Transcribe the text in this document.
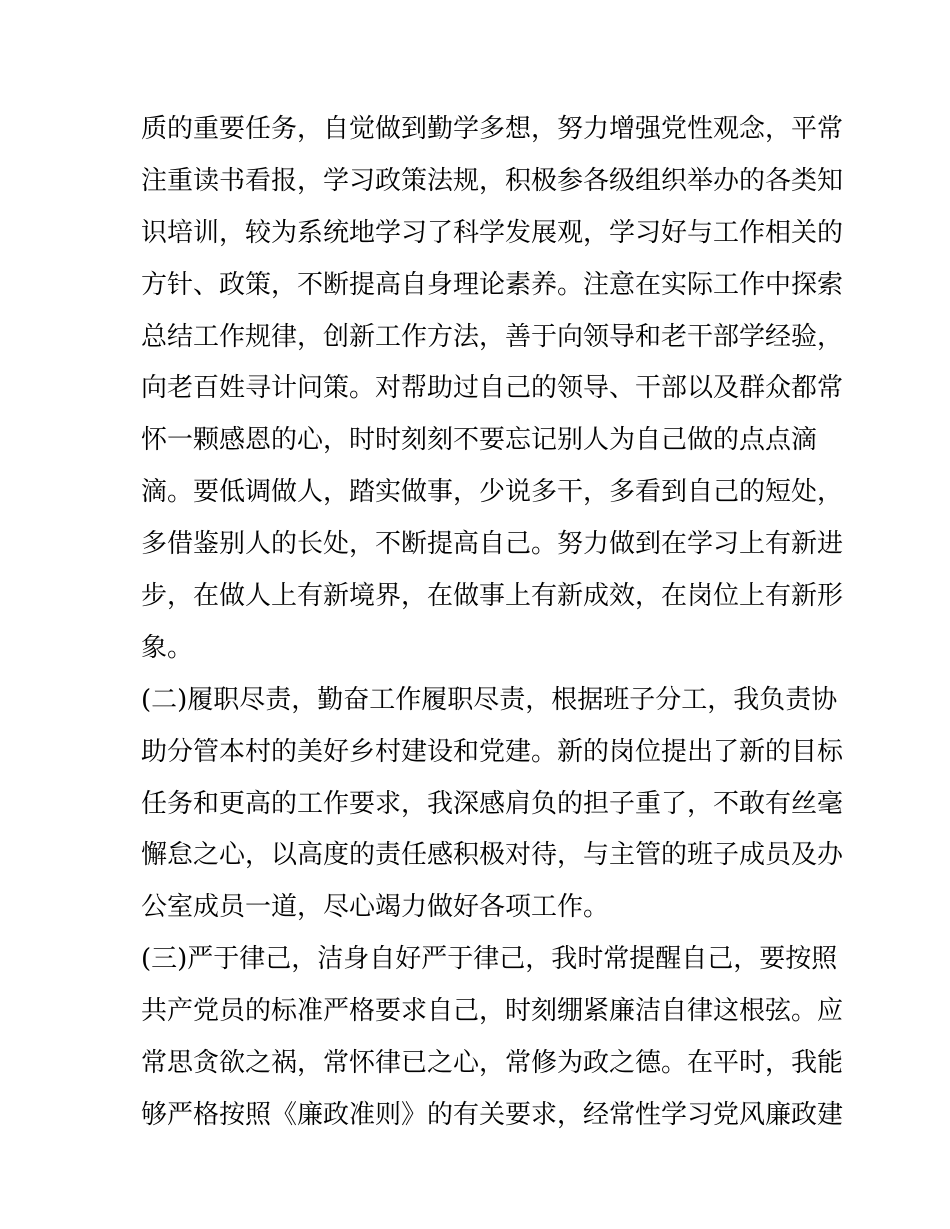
质的重要任务，自觉做到勤学多想，努力增强党性观念，平常
注重读书看报，学习政策法规，积极参各级组织举办的各类知
识培训，较为系统地学习了科学发展观，学习好与工作相关的
方针、政策，不断提高自身理论素养。注意在实际工作中探索
总结工作规律，创新工作方法，善于向领导和老干部学经验，
向老百姓寻计问策。对帮助过自己的领导、干部以及群众都常
怀一颗感恩的心，时时刻刻不要忘记别人为自己做的点点滴
滴。要低调做人，踏实做事，少说多干，多看到自己的短处，
多借鉴别人的长处，不断提高自己。努力做到在学习上有新进
步，在做人上有新境界，在做事上有新成效，在岗位上有新形
象。
(二)履职尽责，勤奋工作履职尽责，根据班子分工，我负责协
助分管本村的美好乡村建设和党建。新的岗位提出了新的目标
任务和更高的工作要求，我深感肩负的担子重了，不敢有丝毫
懈怠之心，以高度的责任感积极对待，与主管的班子成员及办
公室成员一道，尽心竭力做好各项工作。
(三)严于律己，洁身自好严于律己，我时常提醒自己，要按照
共产党员的标准严格要求自己，时刻绷紧廉洁自律这根弦。应
常思贪欲之祸，常怀律已之心，常修为政之德。在平时，我能
够严格按照《廉政准则》的有关要求，经常性学习党风廉政建
